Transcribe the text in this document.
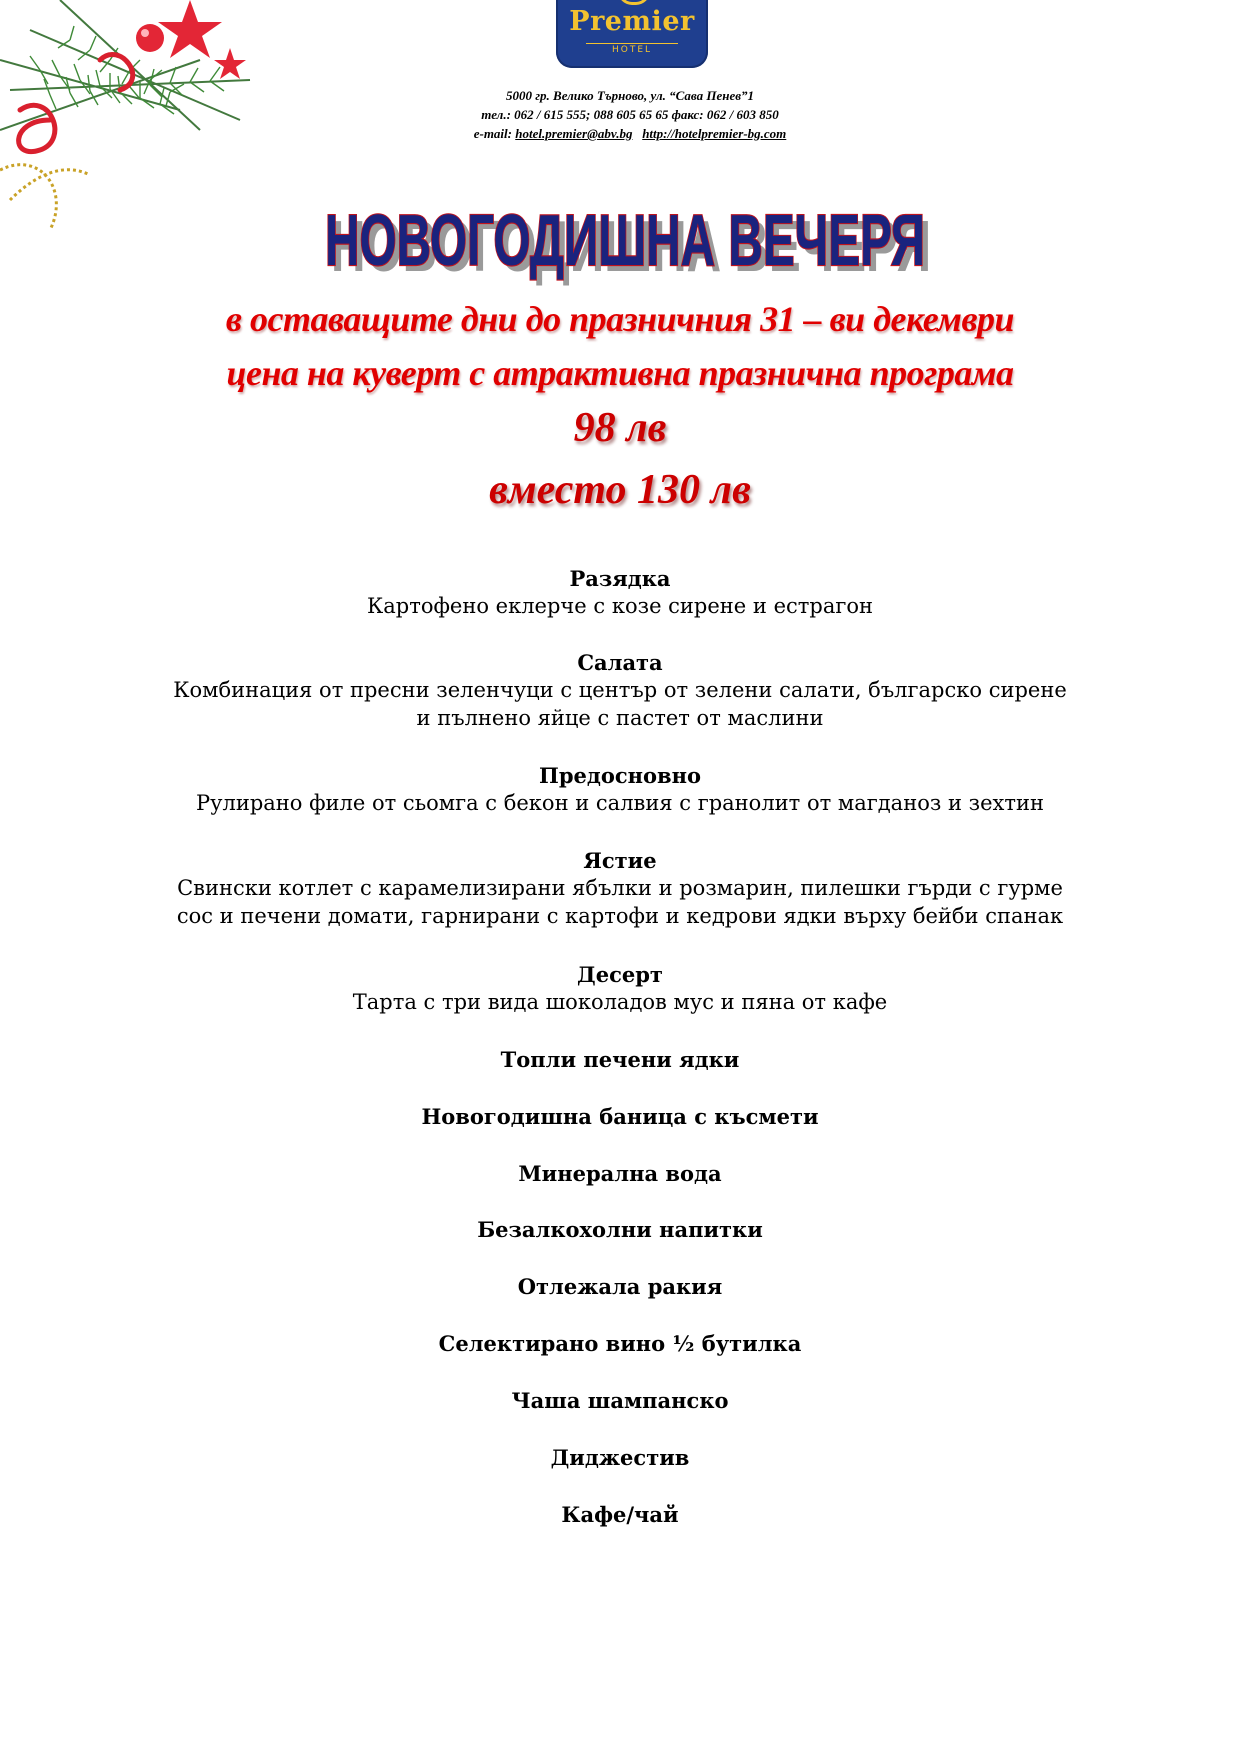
Premier
HOTEL
5000 гр. Велико Търново, ул. “Сава Пенев”1
тел.: 062 / 615 555; 088 605 65 65 факс: 062 / 603 850
e-mail: hotel.premier@abv.bg http://hotelpremier-bg.com
НОВОГОДИШНА ВЕЧЕРЯ
НОВОГОДИШНА ВЕЧЕРЯ
в оставащите дни до празничния 31 – ви декември
цена на куверт с атрактивна празнична програма
98 лв
вместо 130 лв
Разядка
Картофено еклерче с козе сирене и естрагон
Салата
Комбинация от пресни зеленчуци с център от зелени салати, българско сирене
и пълнено яйце с пастет от маслини
Предосновно
Рулирано филе от сьомга с бекон и салвия с гранолит от магданоз и зехтин
Ястие
Свински котлет с карамелизирани ябълки и розмарин, пилешки гърди с гурме
сос и печени домати, гарнирани с картофи и кедрови ядки върху бейби спанак
Десерт
Тарта с три вида шоколадов мус и пяна от кафе
Топли печени ядки
Новогодишна баница с късмети
Минерална вода
Безалкохолни напитки
Отлежала ракия
Селектирано вино ½ бутилка
Чаша шампанско
Диджестив
Кафе/чай
